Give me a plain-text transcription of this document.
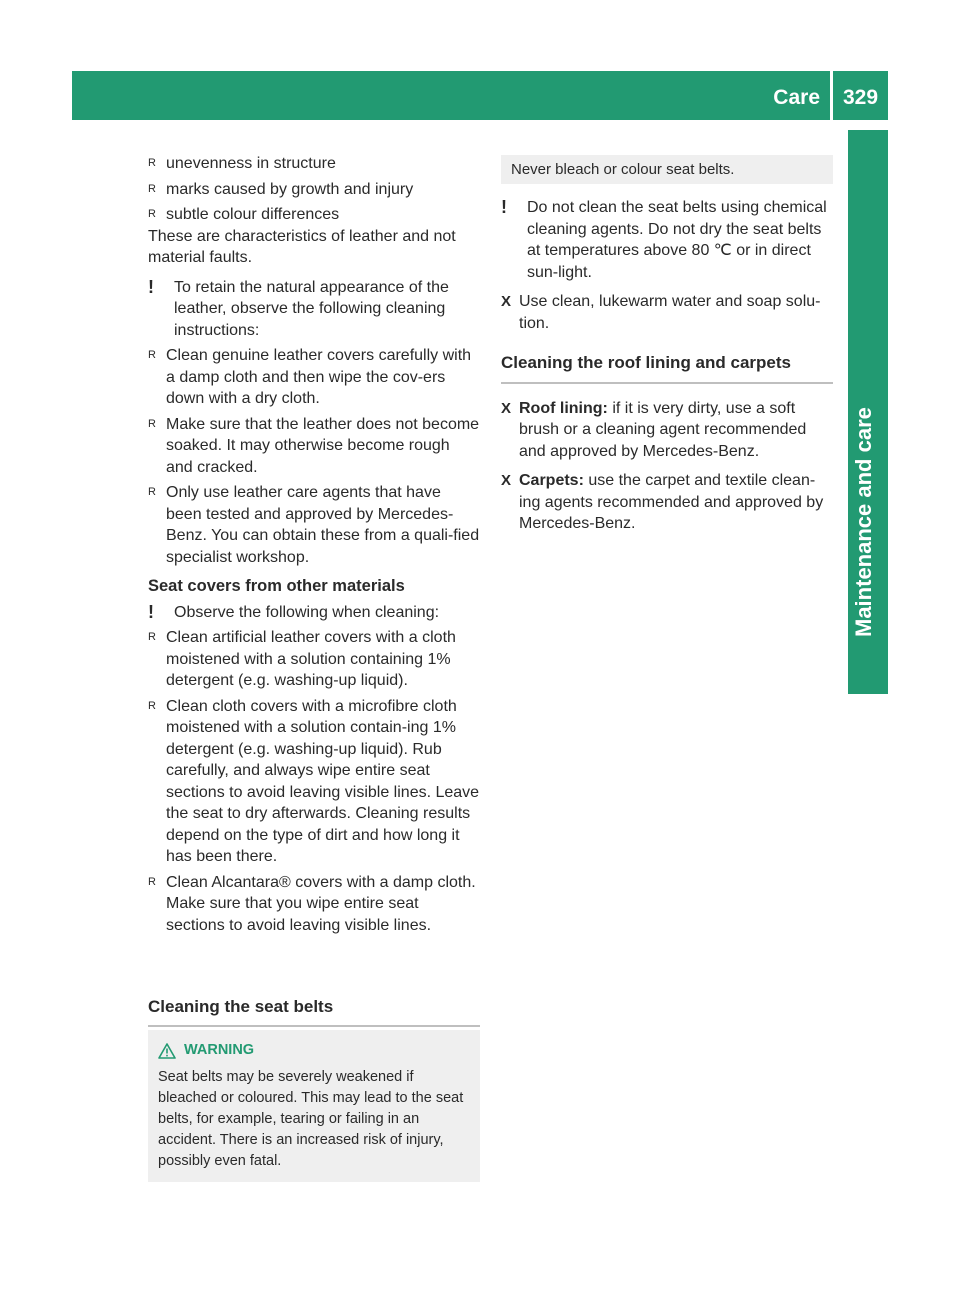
Care	329
Maintenance and care

R unevenness in structure

R marks caused by growth and injury

R subtle colour differences

These are characteristics of leather and not material faults.

! To retain the natural appearance of the leather, observe the following cleaning instructions:

R Clean genuine leather covers carefully with a damp cloth and then wipe the cov-ers down with a dry cloth.

R Make sure that the leather does not become soaked. It may otherwise become rough and cracked.

R Only use leather care agents that have been tested and approved by Mercedes-Benz. You can obtain these from a quali-fied specialist workshop.

Seat covers from other materials

! Observe the following when cleaning:

R Clean artificial leather covers with a cloth moistened with a solution containing 1% detergent (e.g. washing-up liquid).

R Clean cloth covers with a microfibre cloth moistened with a solution contain-ing 1% detergent (e.g. washing-up liquid). Rub carefully, and always wipe entire seat sections to avoid leaving visible lines. Leave the seat to dry afterwards. Cleaning results depend on the type of dirt and how long it has been there.

R Clean Alcantara® covers with a damp cloth. Make sure that you wipe entire seat sections to avoid leaving visible lines.

Cleaning the seat belts

WARNING

Seat belts may be severely weakened if bleached or coloured. This may lead to the seat belts, for example, tearing or failing in an accident. There is an increased risk of injury, possibly even fatal.

Never bleach or colour seat belts.

! Do not clean the seat belts using chemical cleaning agents. Do not dry the seat belts at temperatures above 80 ℃ or in direct sun-light.

X Use clean, lukewarm water and soap solu-tion.

Cleaning the roof lining and carpets

X Roof lining: if it is very dirty, use a soft brush or a cleaning agent recommended and approved by Mercedes-Benz.

X Carpets: use the carpet and textile clean-ing agents recommended and approved by Mercedes-Benz.
